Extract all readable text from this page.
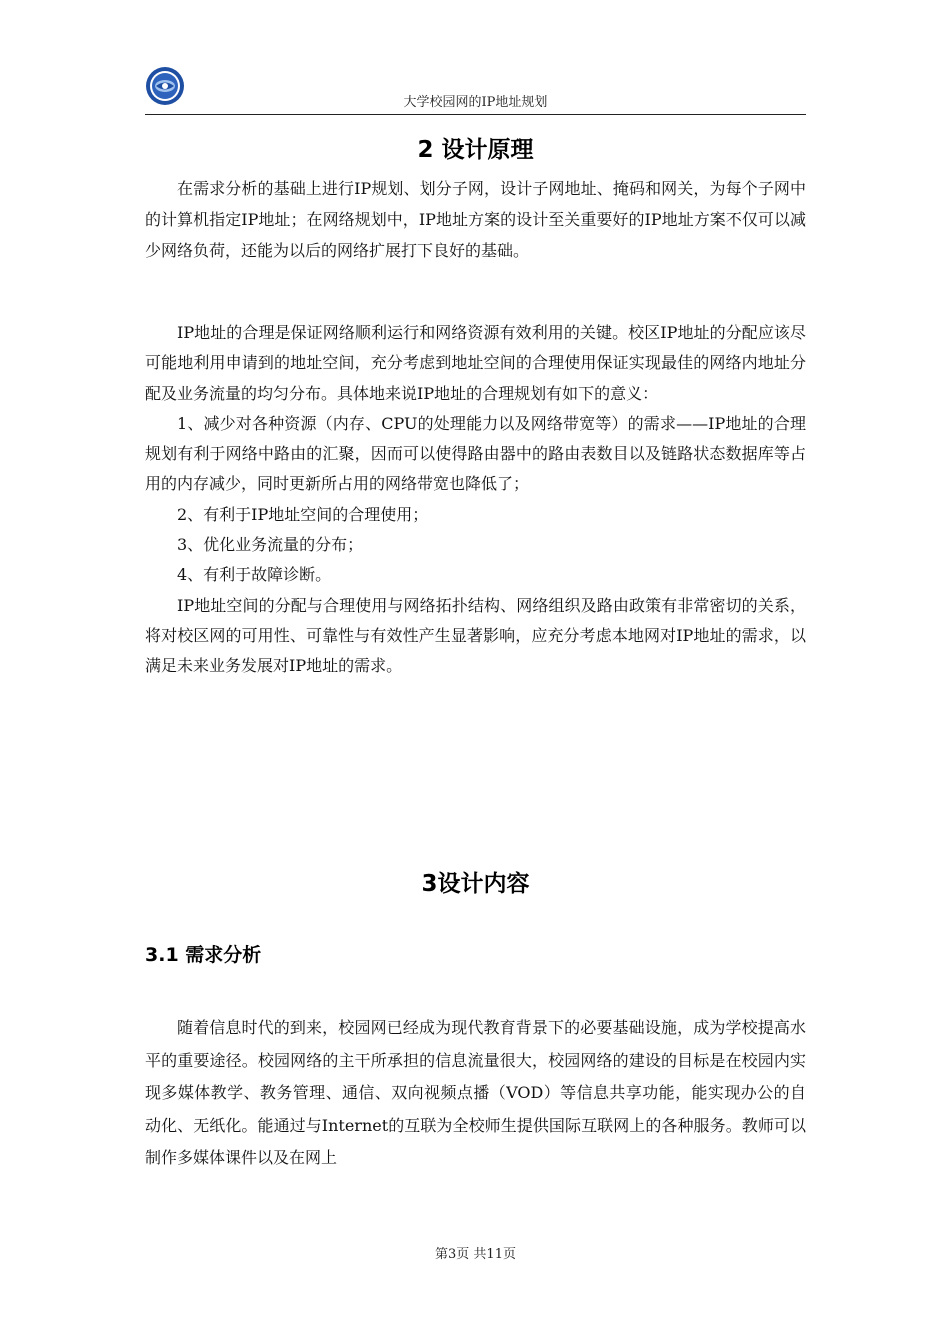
大学校园网的IP地址规划
2 设计原理

在需求分析的基础上进行IP规划、划分子网，设计子网地址、掩码和网关，为每个子网中的计算机指定IP地址；在网络规划中，IP地址方案的设计至关重要好的IP地址方案不仅可以减少网络负荷，还能为以后的网络扩展打下良好的基础。

IP地址的合理是保证网络顺利运行和网络资源有效利用的关键。校区IP地址的分配应该尽可能地利用申请到的地址空间，充分考虑到地址空间的合理使用保证实现最佳的网络内地址分配及业务流量的均匀分布。具体地来说IP地址的合理规划有如下的意义：

1、减少对各种资源（内存、CPU的处理能力以及网络带宽等）的需求——IP地址的合理规划有利于网络中路由的汇聚，因而可以使得路由器中的路由表数目以及链路状态数据库等占用的内存减少，同时更新所占用的网络带宽也降低了；

2、有利于IP地址空间的合理使用；

3、优化业务流量的分布；

4、有利于故障诊断。

IP地址空间的分配与合理使用与网络拓扑结构、网络组织及路由政策有非常密切的关系，将对校区网的可用性、可靠性与有效性产生显著影响，应充分考虑本地网对IP地址的需求，以满足未来业务发展对IP地址的需求。

3设计内容
3.1 需求分析

随着信息时代的到来，校园网已经成为现代教育背景下的必要基础设施，成为学校提高水平的重要途径。校园网络的主干所承担的信息流量很大，校园网络的建设的目标是在校园内实现多媒体教学、教务管理、通信、双向视频点播（VOD）等信息共享功能，能实现办公的自动化、无纸化。能通过与Internet的互联为全校师生提供国际互联网上的各种服务。教师可以制作多媒体课件以及在网上

第3页 共11页
